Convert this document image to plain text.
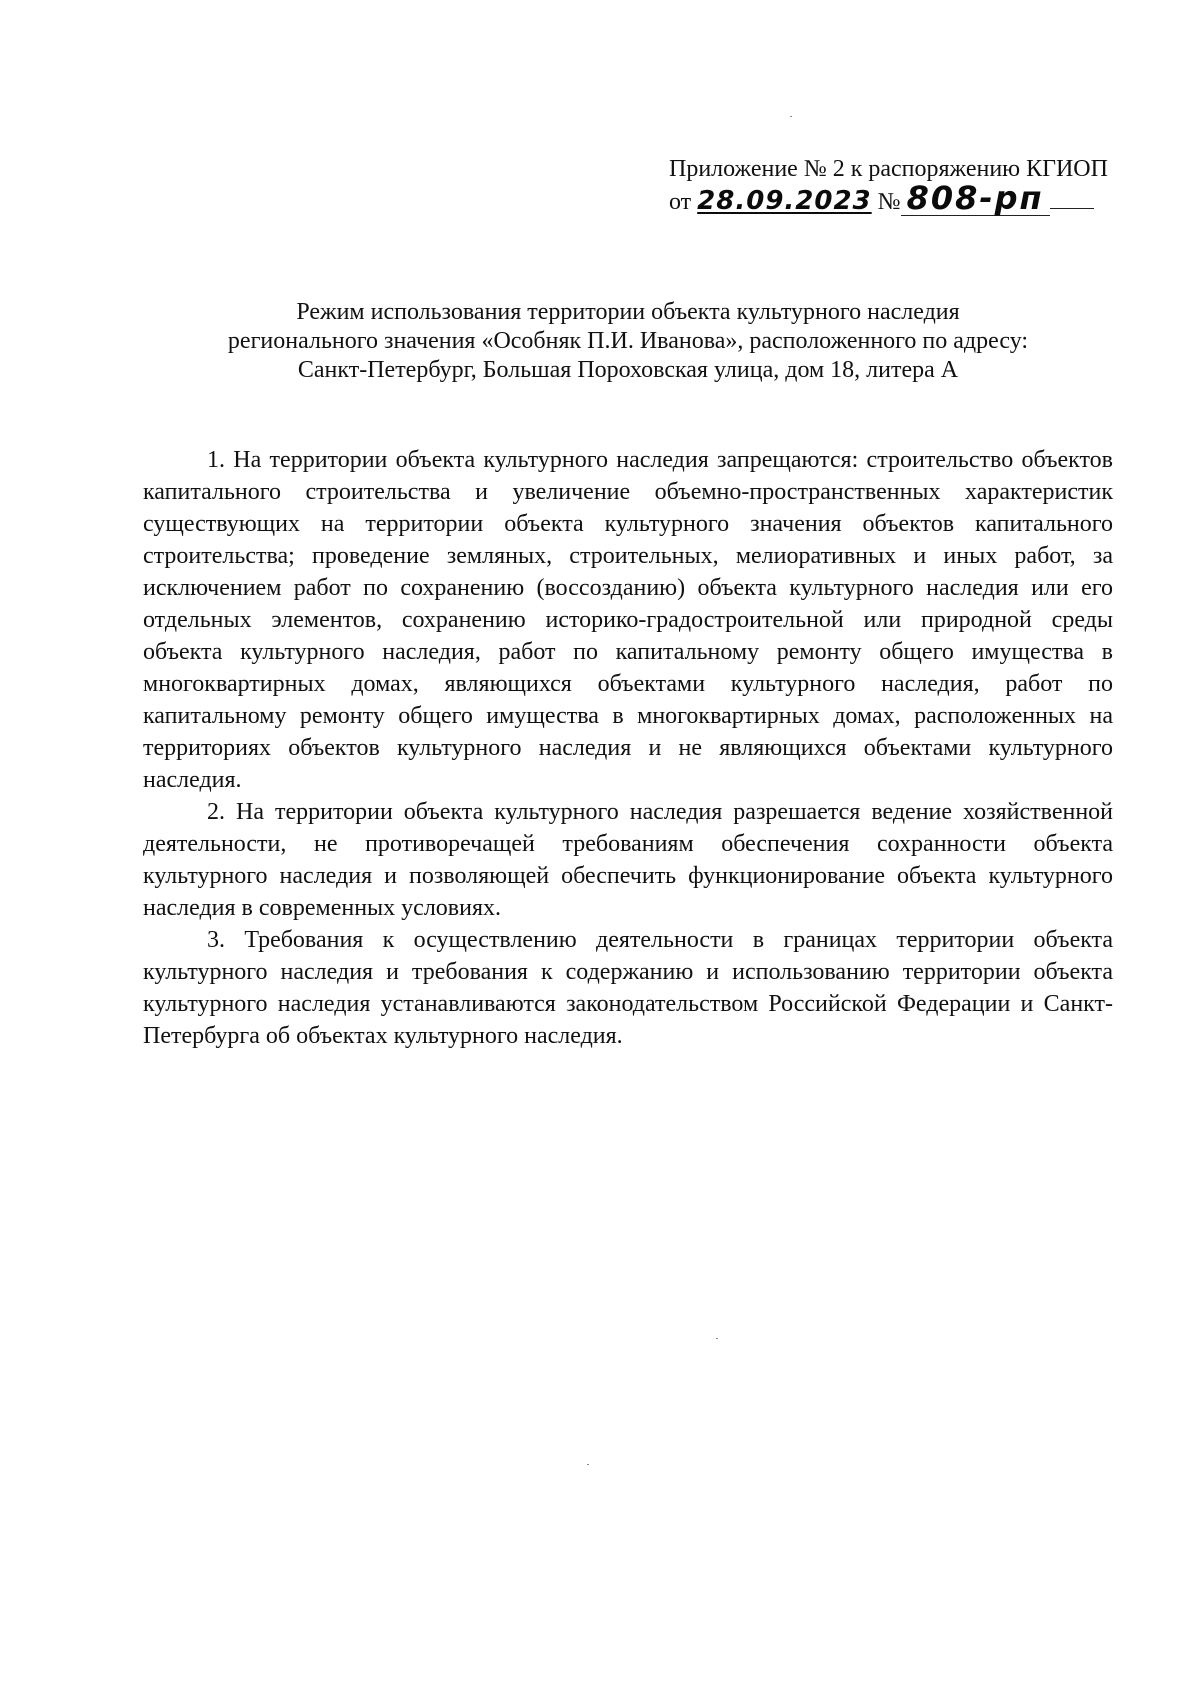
Приложение № 2 к распоряжению КГИОП
от 28.09.2023 № 808-рп
Режим использования территории объекта культурного наследия
регионального значения «Особняк П.И. Иванова», расположенного по адресу:
Санкт-Петербург, Большая Пороховская улица, дом 18, литера А

1. На территории объекта культурного наследия запрещаются: строительство объектов капитального строительства и увеличение объемно-пространственных характеристик существующих на территории объекта культурного значения объектов капитального строительства; проведение земляных, строительных, мелиоративных и иных работ, за исключением работ по сохранению (воссозданию) объекта культурного наследия или его отдельных элементов, сохранению историко-градостроительной или природной среды объекта культурного наследия, работ по капитальному ремонту общего имущества в многоквартирных домах, являющихся объектами культурного наследия, работ по капитальному ремонту общего имущества в многоквартирных домах, расположенных на территориях объектов культурного наследия и не являющихся объектами культурного наследия.

2. На территории объекта культурного наследия разрешается ведение хозяйственной деятельности, не противоречащей требованиям обеспечения сохранности объекта культурного наследия и позволяющей обеспечить функционирование объекта культурного наследия в современных условиях.

3. Требования к осуществлению деятельности в границах территории объекта культурного наследия и требования к содержанию и использованию территории объекта культурного наследия устанавливаются законодательством Российской Федерации и Санкт-Петербурга об объектах культурного наследия.
